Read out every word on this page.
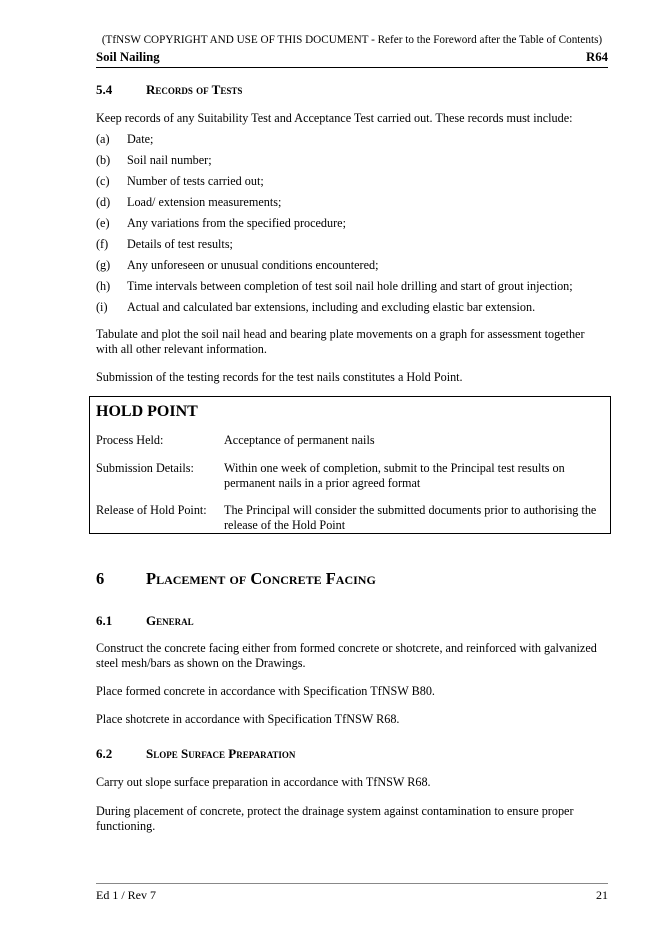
(TfNSW COPYRIGHT AND USE OF THIS DOCUMENT - Refer to the Foreword after the Table of Contents)
Soil Nailing	R64
5.4	Records of Tests
Keep records of any Suitability Test and Acceptance Test carried out. These records must include:
(a) Date;
(b) Soil nail number;
(c) Number of tests carried out;
(d) Load/ extension measurements;
(e) Any variations from the specified procedure;
(f) Details of test results;
(g) Any unforeseen or unusual conditions encountered;
(h) Time intervals between completion of test soil nail hole drilling and start of grout injection;
(i) Actual and calculated bar extensions, including and excluding elastic bar extension.
Tabulate and plot the soil nail head and bearing plate movements on a graph for assessment together with all other relevant information.
Submission of the testing records for the test nails constitutes a Hold Point.
HOLD POINT
Process Held:	Acceptance of permanent nails
Submission Details: Within one week of completion, submit to the Principal test results on permanent nails in a prior agreed format
Release of Hold Point: The Principal will consider the submitted documents prior to authorising the release of the Hold Point
6	Placement of Concrete Facing
6.1	General
Construct the concrete facing either from formed concrete or shotcrete, and reinforced with galvanized steel mesh/bars as shown on the Drawings.
Place formed concrete in accordance with Specification TfNSW B80.
Place shotcrete in accordance with Specification TfNSW R68.
6.2	Slope Surface Preparation
Carry out slope surface preparation in accordance with TfNSW R68.
During placement of concrete, protect the drainage system against contamination to ensure proper functioning.
Ed 1 / Rev 7	21
